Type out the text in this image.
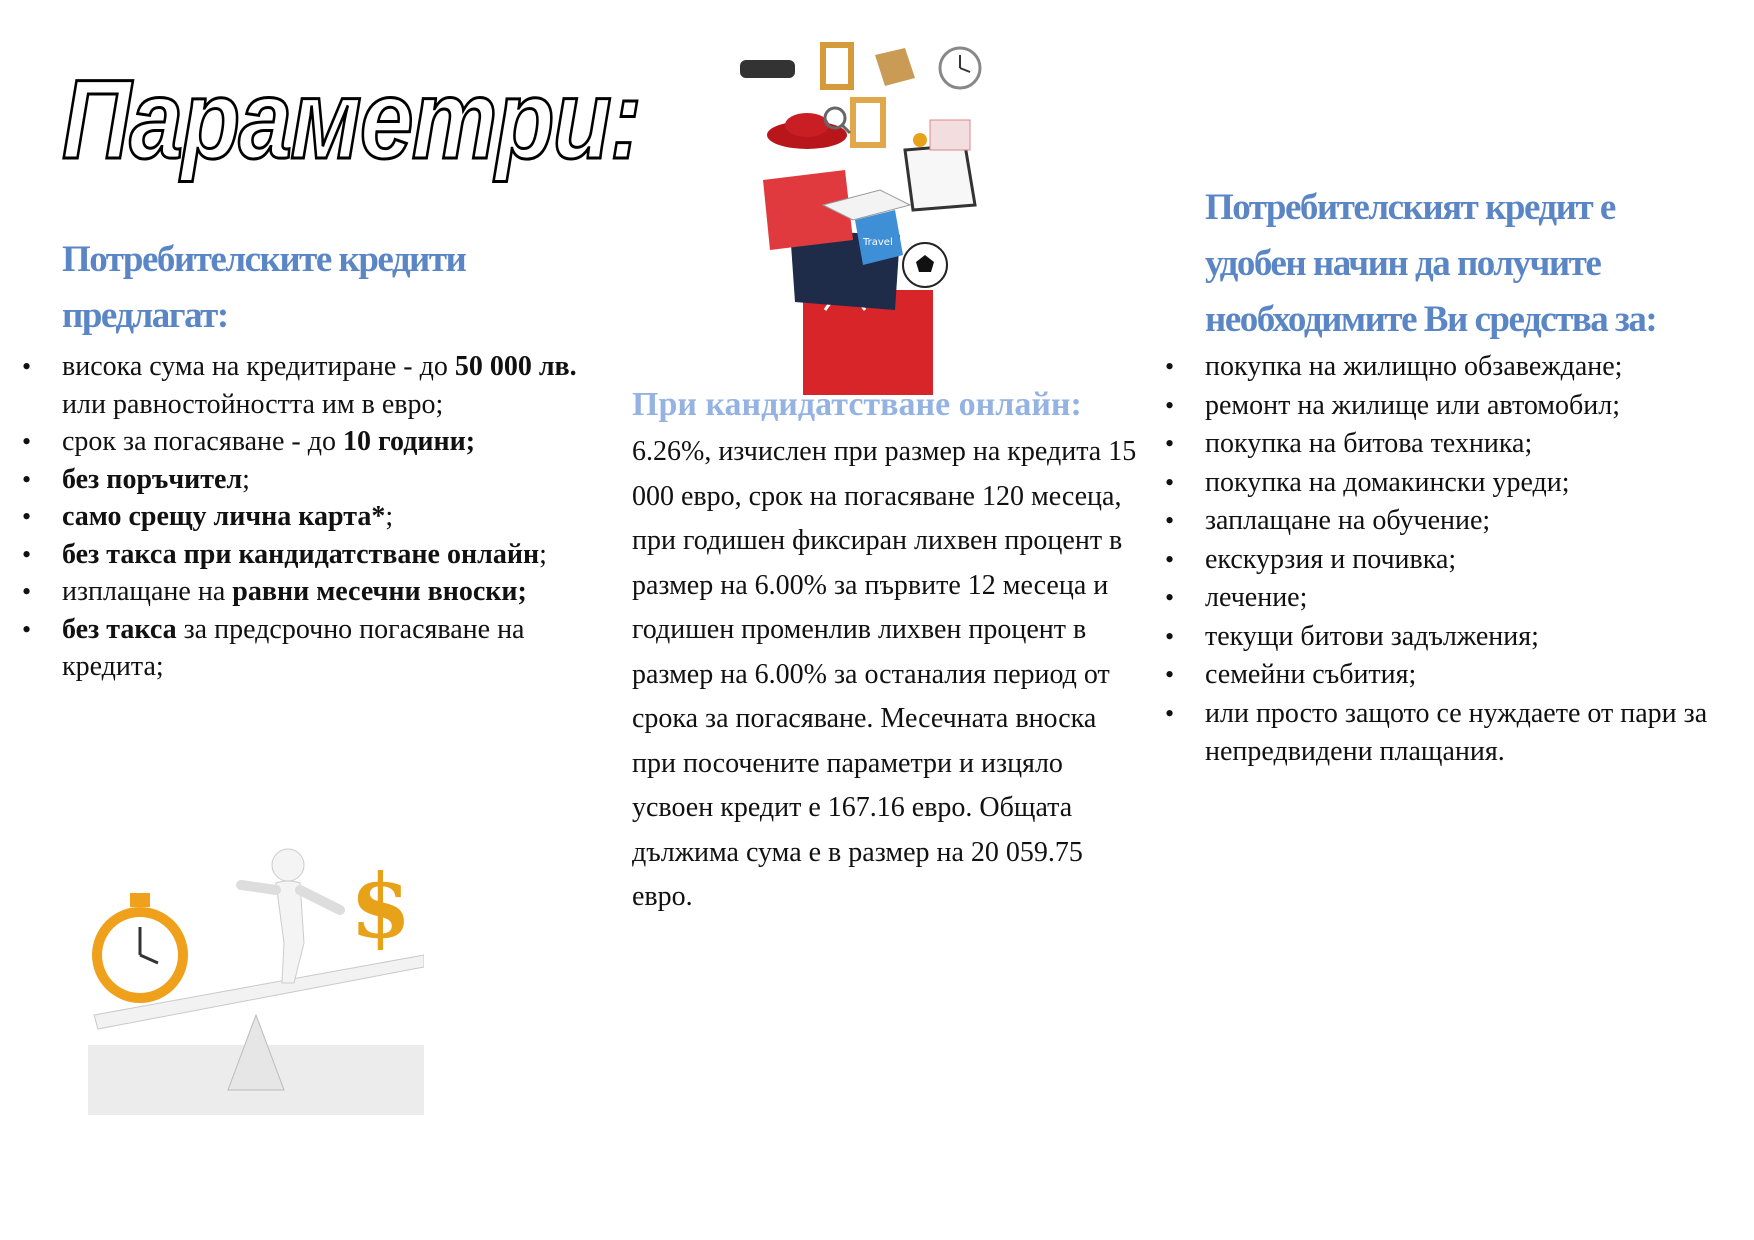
Параметри:
Потребителските кредити
предлагат:
• висока сума на кредитиране - до 50 000 лв. или равностойността им в евро;
• срок за погасяване - до 10 години;
• без поръчител;
• само срещу лична карта*;
• без такса при кандидатстване онлайн;
• изплащане на равни месечни вноски;
• без такса за предсрочно погасяване на кредита;
Travel
При кандидатстване онлайн:
6.26%, изчислен при размер на кредита 15 000 евро, срок на погасяване 120 месеца, при годишен фиксиран лихвен процент в размер на 6.00% за първите 12 месеца и годишен променлив лихвен процент в размер на 6.00% за останалия период от срока за погасяване. Месечната вноска при посочените параметри и изцяло усвоен кредит е 167.16 евро. Общата дължима сума е в размер на 20 059.75 евро.
Потребителският кредит е
удобен начин да получите
необходимите Ви средства за:
• покупка на жилищно обзавеждане;
• ремонт на жилище или автомобил;
• покупка на битова техника;
• покупка на домакински уреди;
• заплащане на обучение;
• екскурзия и почивка;
• лечение;
• текущи битови задължения;
• семейни събития;
• или просто защото се нуждаете от пари за непредвидени плащания.
$
